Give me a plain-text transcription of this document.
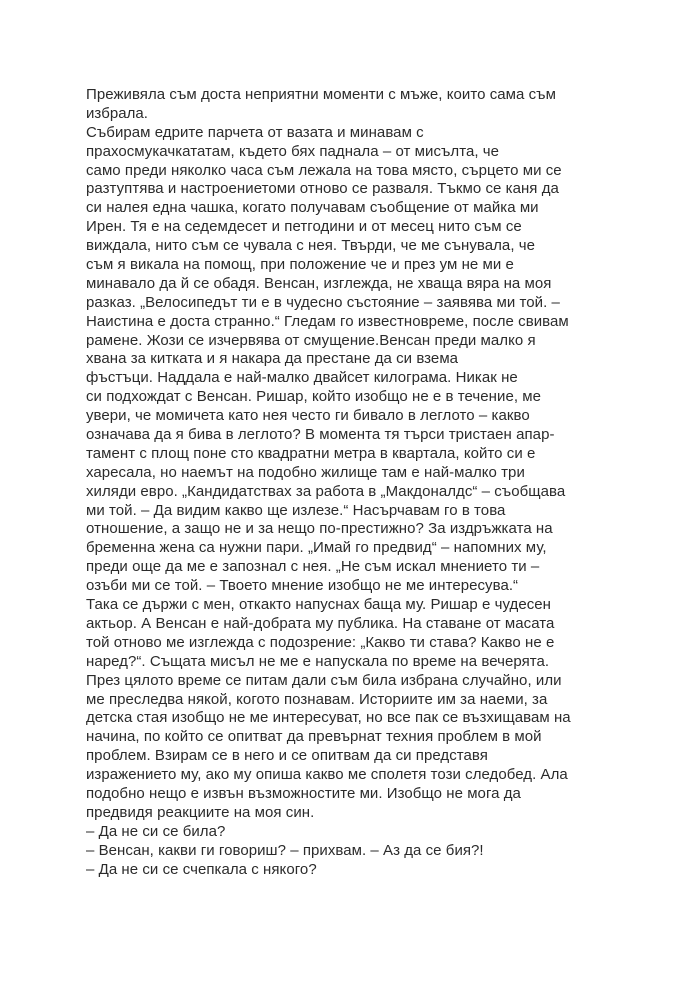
Преживяла съм доста неприятни моменти с мъже, които сама съм
избрала.
Събирам едрите парчета от вазата и минавам с
прахосмукачкататам, където бях паднала – от мисълта, че
само преди няколко часа съм лежала на това място, сърцето ми се
разтуптява и настроениетоми отново се разваля. Тъкмо се каня да
си налея една чашка, когато получавам съобщение от майка ми
Ирен. Тя е на седемдесет и петгодини и от месец нито съм се
виждала, нито съм се чувала с нея. Твърди, че ме сънувала, че
съм я викала на помощ, при положение че и през ум не ми е
минавало да й се обадя. Венсан, изглежда, не хваща вяра на моя
разказ. „Велосипедът ти е в чудесно състояние – заявява ми той. –
Наистина е доста странно.“ Гледам го известновреме, после свивам
рамене. Жози се изчервява от смущение.Венсан преди малко я
хвана за китката и я накара да престане да си взема
фъстъци. Наддала е най-малко двайсет килограма. Никак не
си подхождат с Венсан. Ришар, който изобщо не е в течение, ме
увери, че момичета като нея често ги бивало в леглото – какво
означава да я бива в леглото? В момента тя търси тристаен апар-
тамент с площ поне сто квадратни метра в квартала, който си е
харесала, но наемът на подобно жилище там е най-малко три
хиляди евро. „Кандидатствах за работа в „Макдоналдс“ – съобщава
ми той. – Да видим какво ще излезе.“ Насърчавам го в това
отношение, а защо не и за нещо по-престижно? За издръжката на
бременна жена са нужни пари. „Имай го предвид“ – напомних му,
преди още да ме е запознал с нея. „Не съм искал мнението ти –
озъби ми се той. – Твоето мнение изобщо не ме интересува.“
Така се държи с мен, откакто напуснах баща му. Ришар е чудесен
актьор. А Венсан е най-добрата му публика. На ставане от масата
той отново ме изглежда с подозрение: „Какво ти става? Какво не е
наред?“. Същата мисъл не ме е напускала по време на вечерята.
През цялото време се питам дали съм била избрана случайно, или
ме преследва някой, когото познавам. Историите им за наеми, за
детска стая изобщо не ме интересуват, но все пак се възхищавам на
начина, по който се опитват да превърнат техния проблем в мой
проблем. Взирам се в него и се опитвам да си представя
изражението му, ако му опиша какво ме сполетя този следобед. Ала
подобно нещо е извън възможностите ми. Изобщо не мога да
предвидя реакциите на моя син.
– Да не си се била?
– Венсан, какви ги говориш? – прихвам. – Аз да се бия?!
– Да не си се счепкала с някого?
